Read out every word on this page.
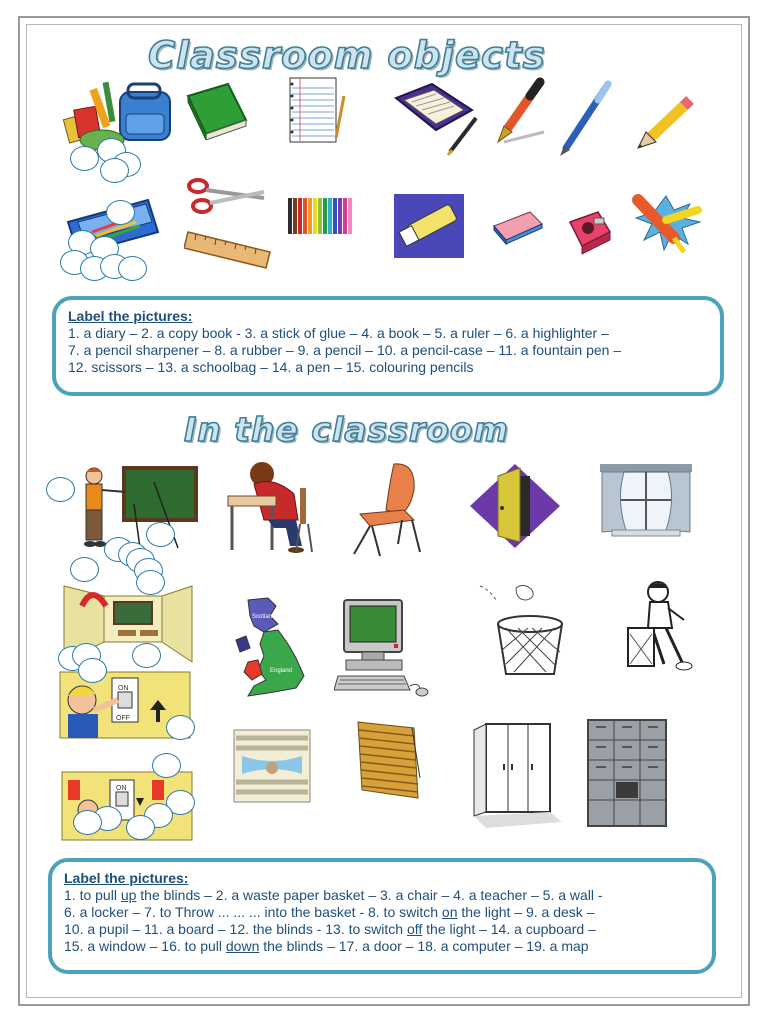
Classroom objects
Label the pictures:
1. a diary – 2. a copy book - 3. a stick of glue – 4. a book – 5. a ruler – 6. a highlighter –
7. a pencil sharpener – 8. a rubber – 9. a pencil – 10. a pencil-case – 11. a fountain pen –
12. scissors – 13. a schoolbag – 14. a pen – 15. colouring pencils
In the classroom
ON
OFF
ON
Scotland
England
Label the pictures:
1. to pull up the blinds – 2. a waste paper basket – 3. a chair – 4. a teacher – 5. a wall -
6. a locker – 7. to Throw ... ... ... into the basket - 8. to switch on the light – 9. a desk –
10. a pupil – 11. a board – 12. the blinds - 13. to switch off the light – 14. a cupboard –
15. a window – 16. to pull down the blinds – 17. a door – 18. a computer – 19. a map
